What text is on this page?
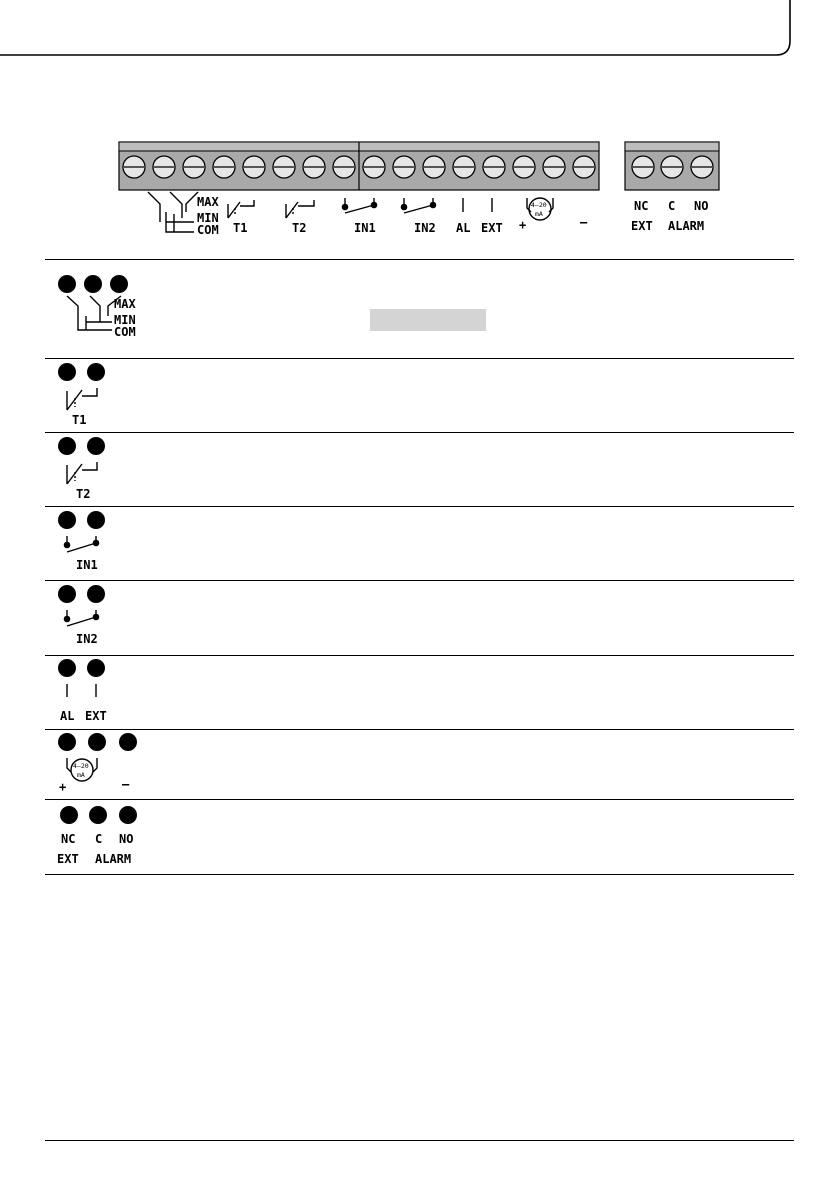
MAX
MIN
COM T1	T2	IN1	IN2 AL EXT
4–20
mA
+	–
NC C NO
EXT ALARM
MAX
MIN
COM
T1
T2
IN1
IN2
AL EXT
4–20
mA
+	–
NC C NO
EXT ALARM
